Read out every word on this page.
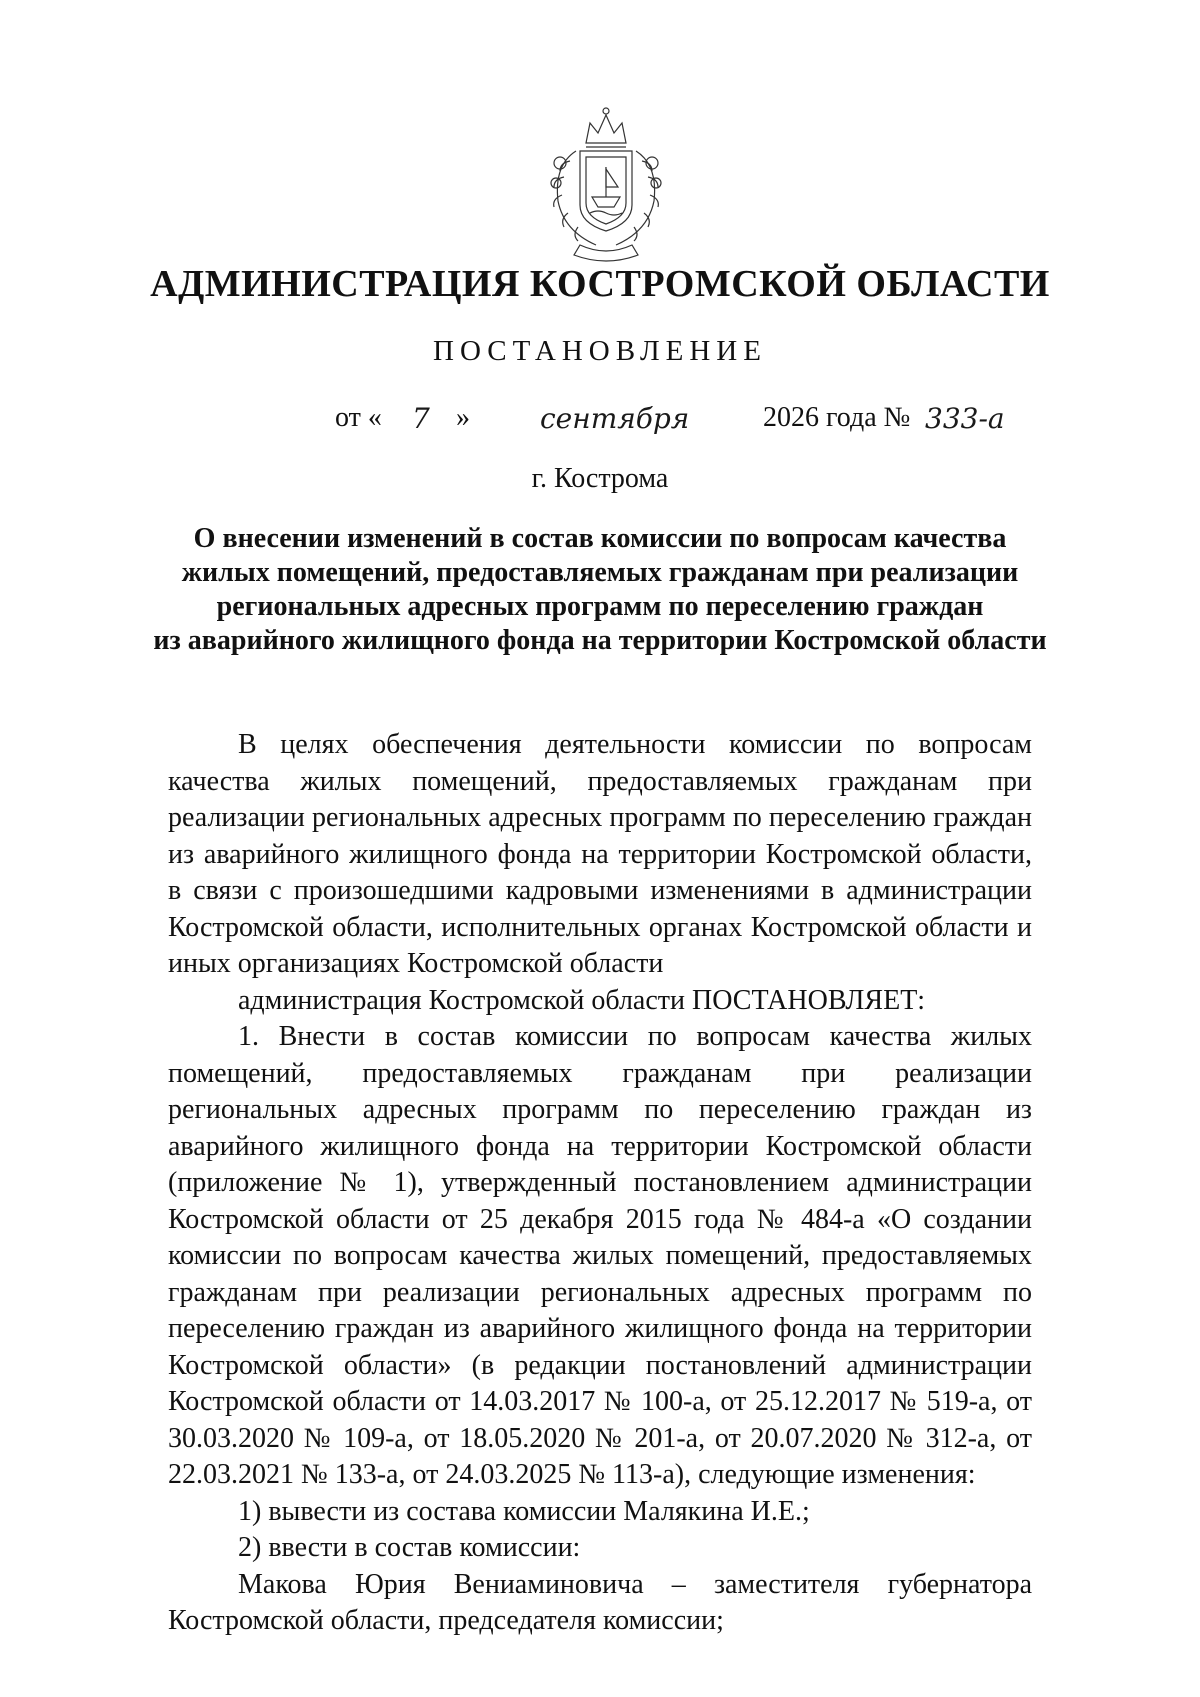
АДМИНИСТРАЦИЯ КОСТРОМСКОЙ ОБЛАСТИ
ПОСТАНОВЛЕНИЕ
от « 7 »	сентября	2026 года № 333-а
г. Кострома
О внесении изменений в состав комиссии по вопросам качества
жилых помещений, предоставляемых гражданам при реализации
региональных адресных программ по переселению граждан
из аварийного жилищного фонда на территории Костромской области

В целях обеспечения деятельности комиссии по вопросам качества жилых помещений, предоставляемых гражданам при реализации региональных адресных программ по переселению граждан из аварийного жилищного фонда на территории Костромской области, в связи с произошедшими кадровыми изменениями в администрации Костромской области, исполнительных органах Костромской области и иных организациях Костромской области

администрация Костромской области ПОСТАНОВЛЯЕТ:

1. Внести в состав комиссии по вопросам качества жилых помещений, предоставляемых гражданам при реализации региональных адресных программ по переселению граждан из аварийного жилищного фонда на территории Костромской области (приложение № 1), утвержденный постановлением администрации Костромской области от 25 декабря 2015 года № 484-а «О создании комиссии по вопросам качества жилых помещений, предоставляемых гражданам при реализации региональных адресных программ по переселению граждан из аварийного жилищного фонда на территории Костромской области» (в редакции постановлений администрации Костромской области от 14.03.2017 № 100-а, от 25.12.2017 № 519-а, от 30.03.2020 № 109-а, от 18.05.2020 № 201-а, от 20.07.2020 № 312-а, от 22.03.2021 № 133-а, от 24.03.2025 № 113-а), следующие изменения:

1) вывести из состава комиссии Малякина И.Е.;

2) ввести в состав комиссии:

Макова Юрия Вениаминовича – заместителя губернатора Костромской области, председателя комиссии;
